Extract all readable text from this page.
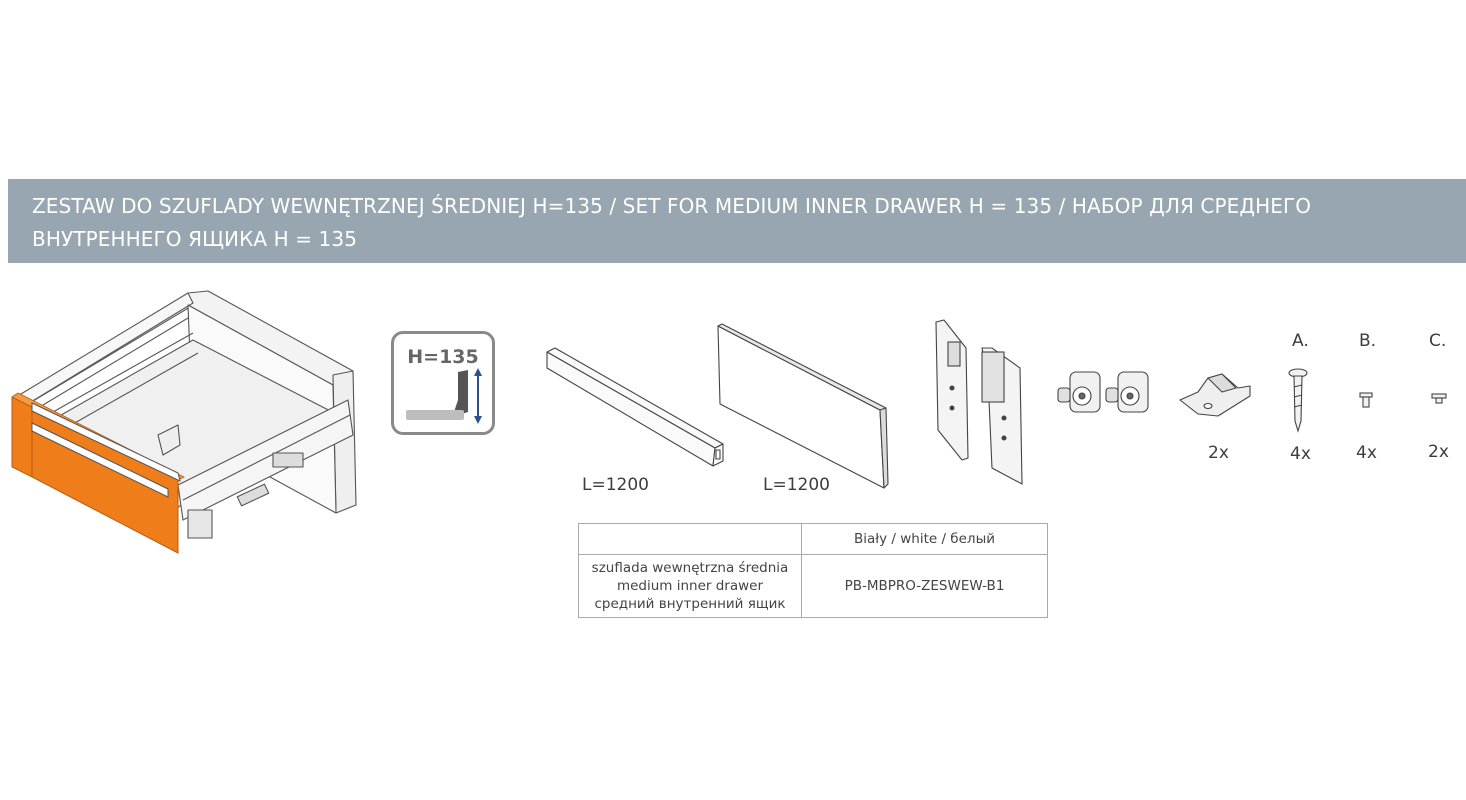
ZESTAW DO SZUFLADY WEWNĘTRZNEJ ŚREDNIEJ H=135 / SET FOR MEDIUM INNER DRAWER H = 135 / НАБОР ДЛЯ СРЕДНЕГО
ВНУТРЕННЕГО ЯЩИКА H = 135
H=135
L=1200	L=1200
2x
A.
4x
B.
4x
C.
2x
	Biały / white / белый

szuflada wewnętrzna średnia
medium inner drawer
средний внутренний ящик	PB-MBPRO-ZESWEW-B1
